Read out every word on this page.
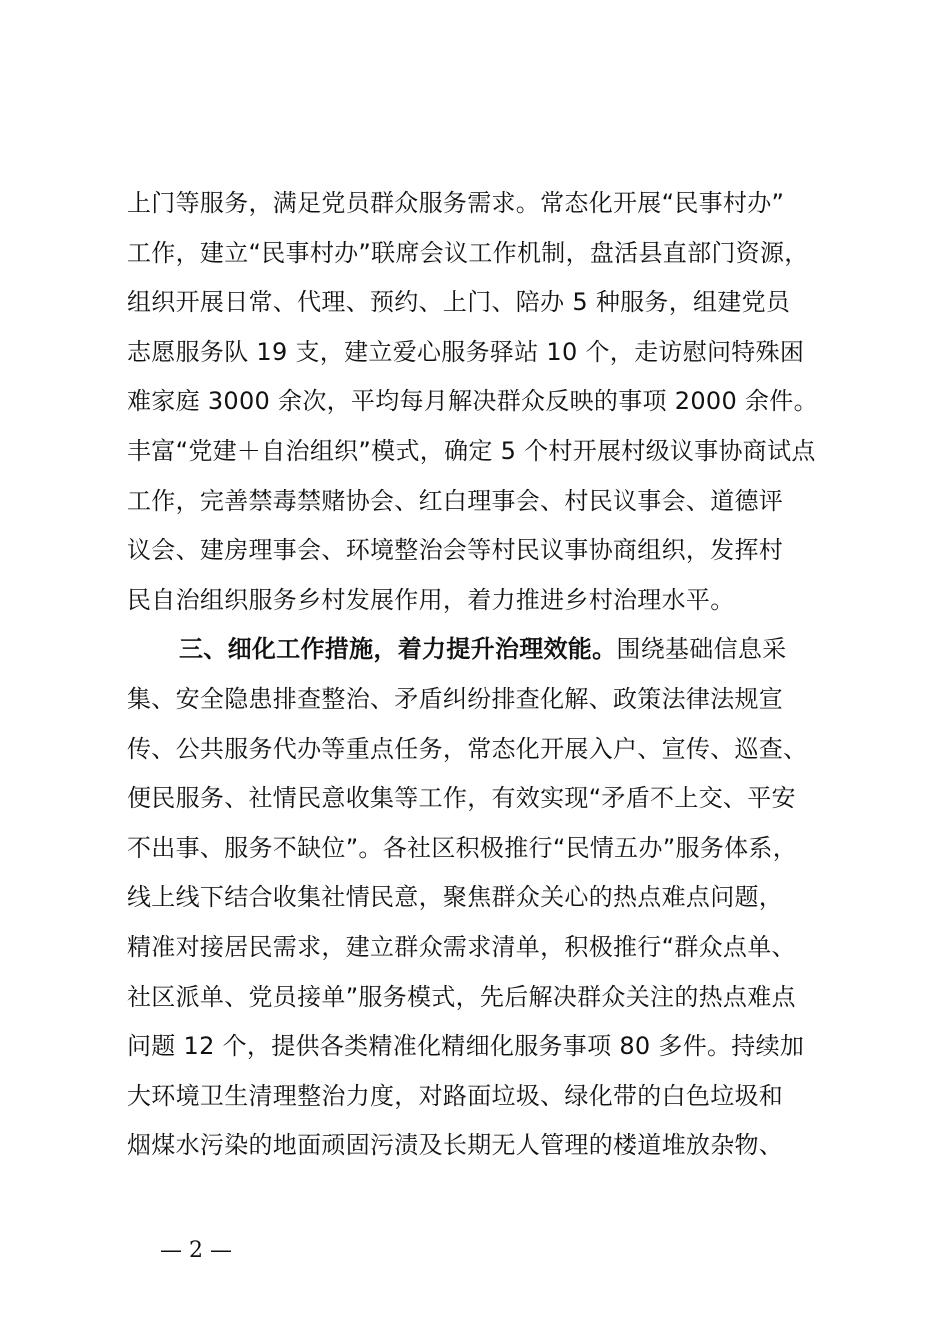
上门等服务，满足党员群众服务需求。常态化开展“民事村办”
工作，建立“民事村办”联席会议工作机制，盘活县直部门资源，
组织开展日常、代理、预约、上门、陪办 5 种服务，组建党员
志愿服务队 19 支，建立爱心服务驿站 10 个，走访慰问特殊困
难家庭 3000 余次，平均每月解决群众反映的事项 2000 余件。
丰富“党建＋自治组织”模式，确定 5 个村开展村级议事协商试点
工作，完善禁毒禁赌协会、红白理事会、村民议事会、道德评
议会、建房理事会、环境整治会等村民议事协商组织，发挥村
民自治组织服务乡村发展作用，着力推进乡村治理水平。
三、细化工作措施，着力提升治理效能。围绕基础信息采
集、安全隐患排查整治、矛盾纠纷排查化解、政策法律法规宣
传、公共服务代办等重点任务，常态化开展入户、宣传、巡查、
便民服务、社情民意收集等工作，有效实现“矛盾不上交、平安
不出事、服务不缺位”。各社区积极推行“民情五办”服务体系，
线上线下结合收集社情民意，聚焦群众关心的热点难点问题，
精准对接居民需求，建立群众需求清单，积极推行“群众点单、
社区派单、党员接单”服务模式，先后解决群众关注的热点难点
问题 12 个，提供各类精准化精细化服务事项 80 多件。持续加
大环境卫生清理整治力度，对路面垃圾、绿化带的白色垃圾和
烟煤水污染的地面顽固污渍及长期无人管理的楼道堆放杂物、
— 2 —
